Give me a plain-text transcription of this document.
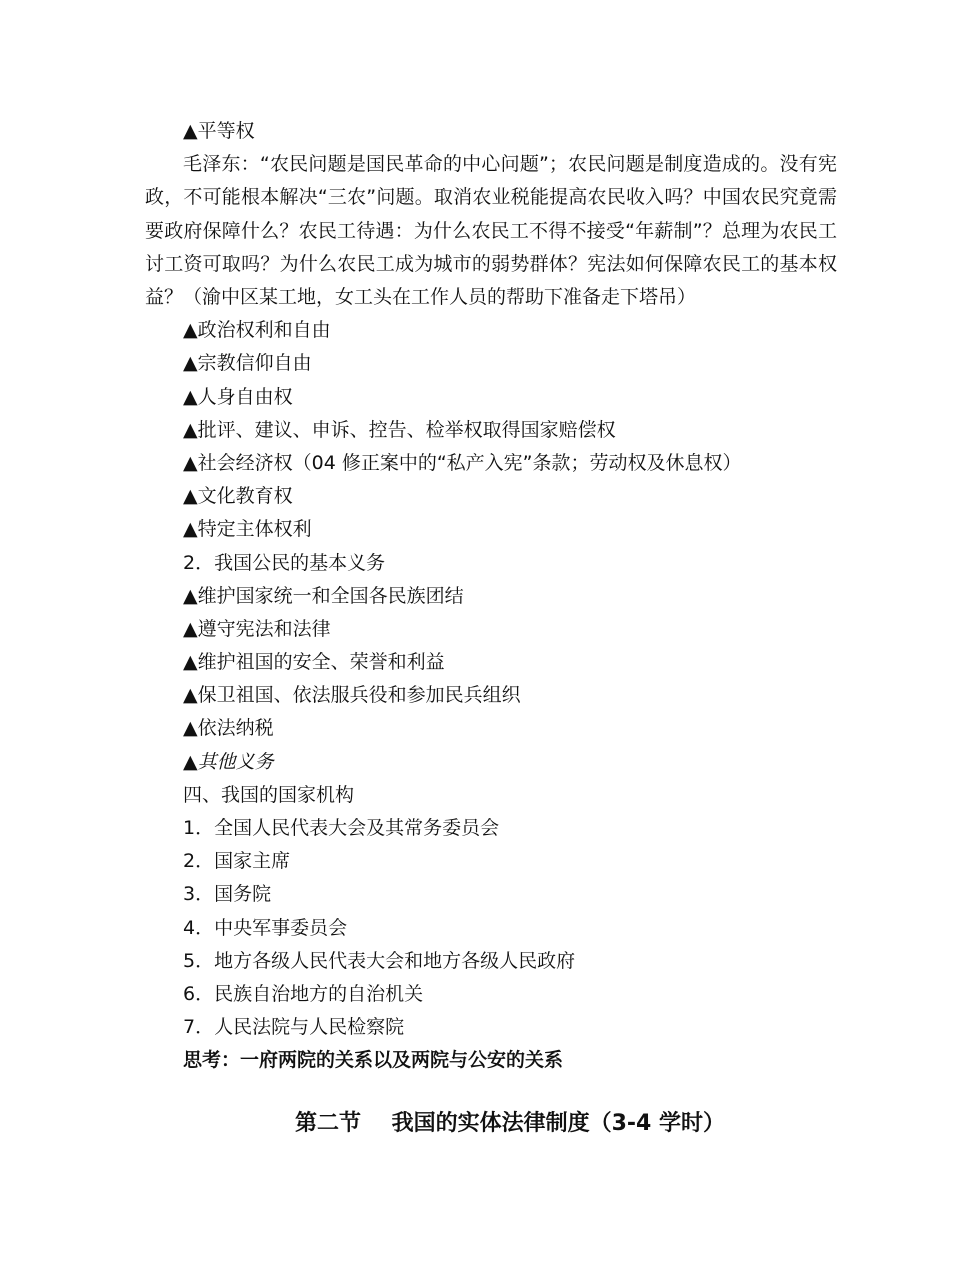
▲平等权
毛泽东：“农民问题是国民革命的中心问题”；农民问题是制度造成的。没有宪政，不可能根本解决“三农”问题。取消农业税能提高农民收入吗？中国农民究竟需要政府保障什么？农民工待遇：为什么农民工不得不接受“年薪制”？总理为农民工讨工资可取吗？为什么农民工成为城市的弱势群体？宪法如何保障农民工的基本权益？（渝中区某工地，女工头在工作人员的帮助下准备走下塔吊）
▲政治权利和自由
▲宗教信仰自由
▲人身自由权
▲批评、建议、申诉、控告、检举权取得国家赔偿权
▲社会经济权（04 修正案中的“私产入宪”条款；劳动权及休息权）
▲文化教育权
▲特定主体权利
2．我国公民的基本义务
▲维护国家统一和全国各民族团结
▲遵守宪法和法律
▲维护祖国的安全、荣誉和利益
▲保卫祖国、依法服兵役和参加民兵组织
▲依法纳税
▲其他义务
四、我国的国家机构
1．全国人民代表大会及其常务委员会
2．国家主席
3．国务院
4．中央军事委员会
5．地方各级人民代表大会和地方各级人民政府
6．民族自治地方的自治机关
7．人民法院与人民检察院
思考：一府两院的关系以及两院与公安的关系
第二节    我国的实体法律制度（3-4 学时）
